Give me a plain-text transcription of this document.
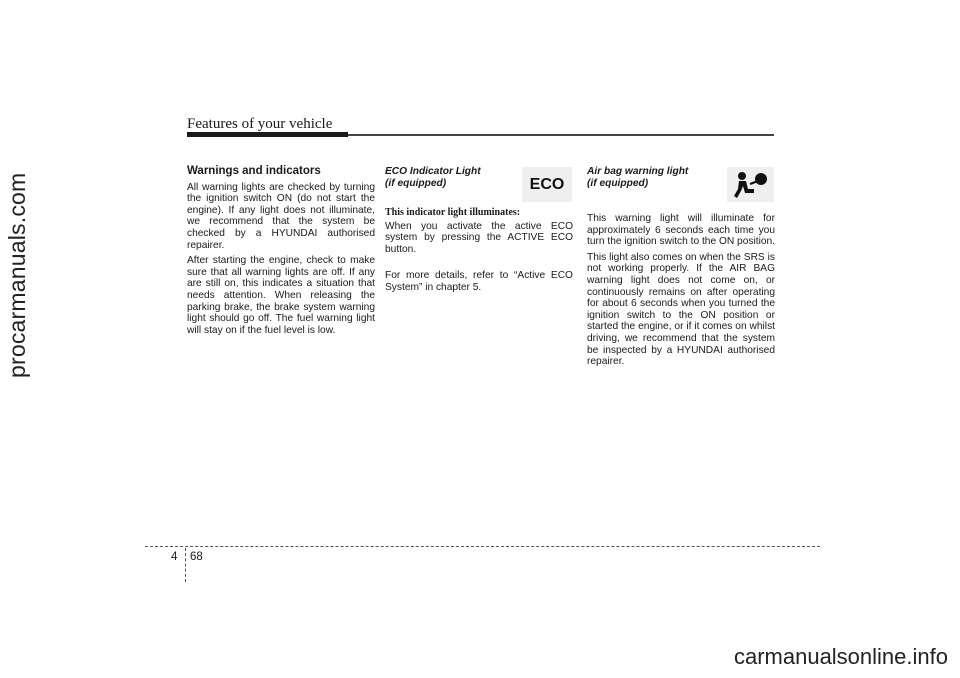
procarmanuals.com
Features of your vehicle

Warnings and indicators

All warning lights are checked by turning the ignition switch ON (do not start the engine). If any light does not illuminate, we recommend that the system be checked by a HYUNDAI authorised repairer.

After starting the engine, check to make sure that all warning lights are off. If any are still on, this indicates a situation that needs attention. When releasing the parking brake, the brake system warning light should go off. The fuel warning light will stay on if the fuel level is low.

ECO Indicator Light
(if equipped)

This indicator light illuminates:

When you activate the active ECO system by pressing the ACTIVE ECO button.

For more details, refer to “Active ECO System” in chapter 5.

ECO

Air bag warning light
(if equipped)

This warning light will illuminate for approximately 6 seconds each time you turn the ignition switch to the ON position.

This light also comes on when the SRS is not working properly. If the AIR BAG warning light does not come on, or continuously remains on after operating for about 6 seconds when you turned the ignition switch to the ON position or started the engine, or if it comes on whilst driving, we recommend that the system be inspected by a HYUNDAI authorised repairer.

4 68
carmanualsonline.info
